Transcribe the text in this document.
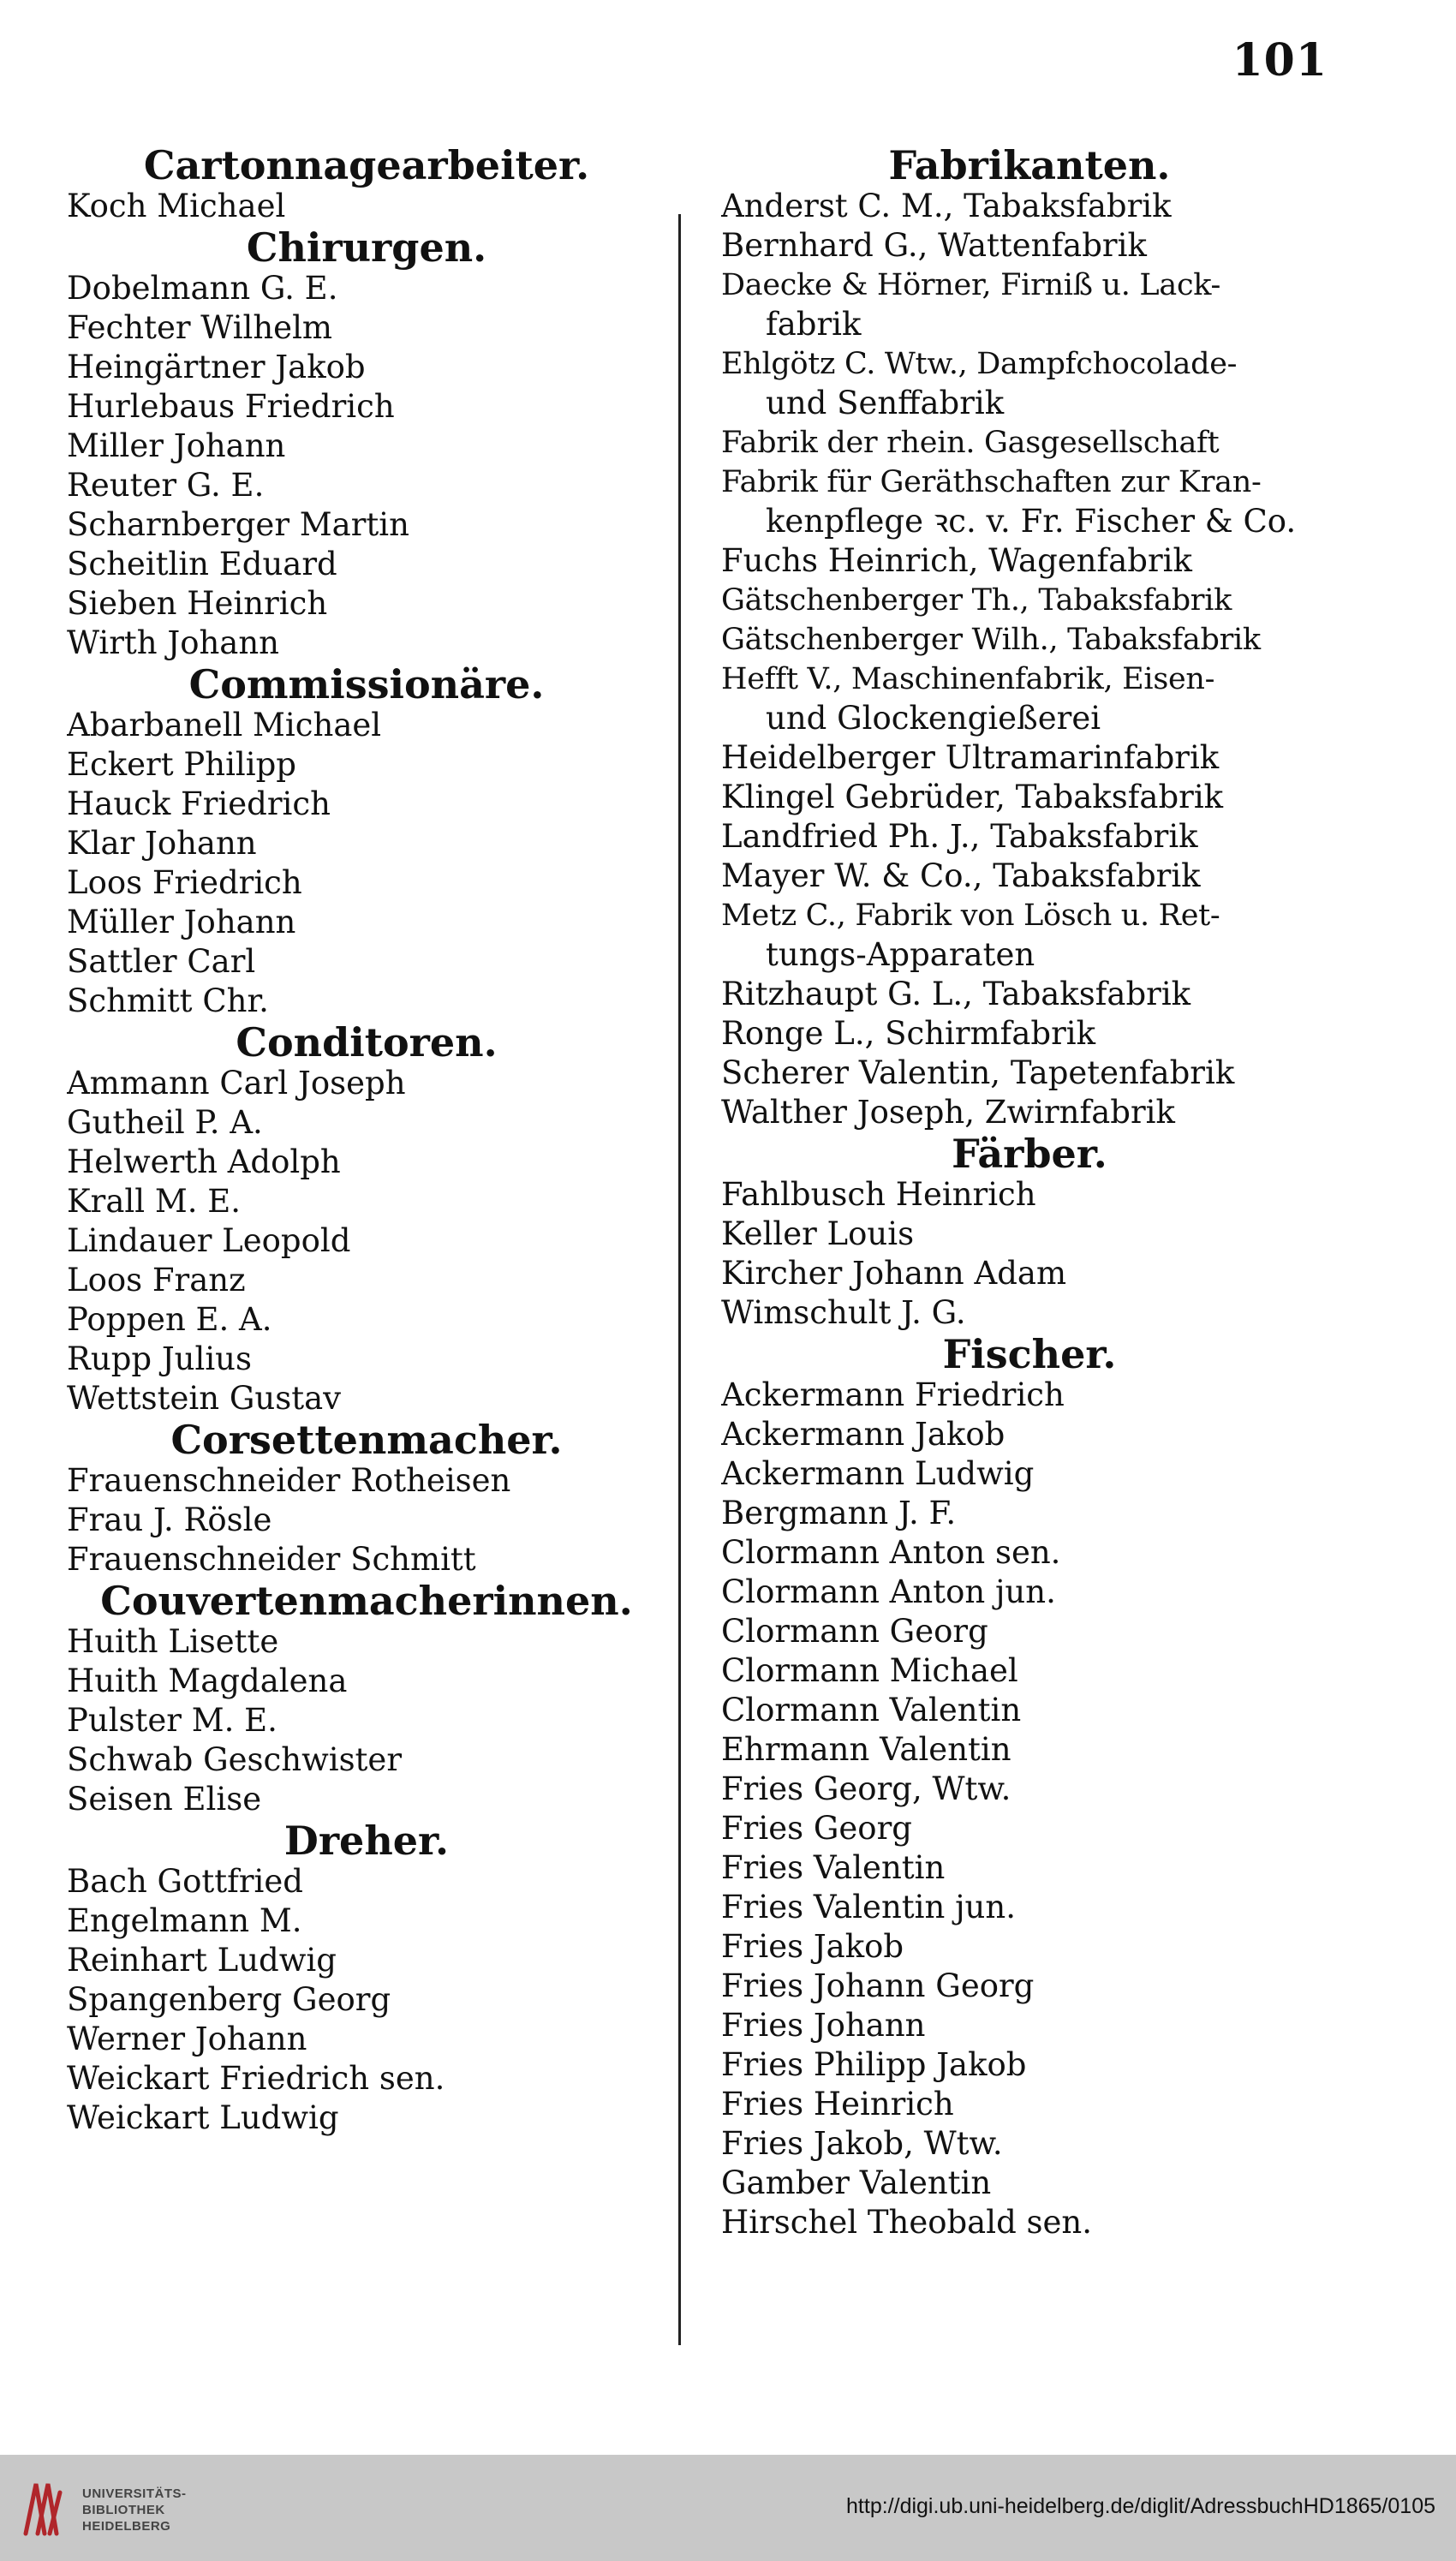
101
Cartonnagearbeiter.
Koch Michael
Chirurgen.
Dobelmann G. E.
Fechter Wilhelm
Heingärtner Jakob
Hurlebaus Friedrich
Miller Johann
Reuter G. E.
Scharnberger Martin
Scheitlin Eduard
Sieben Heinrich
Wirth Johann
Commissionäre.
Abarbanell Michael
Eckert Philipp
Hauck Friedrich
Klar Johann
Loos Friedrich
Müller Johann
Sattler Carl
Schmitt Chr.
Conditoren.
Ammann Carl Joseph
Gutheil P. A.
Helwerth Adolph
Krall M. E.
Lindauer Leopold
Loos Franz
Poppen E. A.
Rupp Julius
Wettstein Gustav
Corsettenmacher.
Frauenschneider Rotheisen
Frau J. Rösle
Frauenschneider Schmitt
Couvertenmacherinnen.
Huith Lisette
Huith Magdalena
Pulster M. E.
Schwab Geschwister
Seisen Elise
Dreher.
Bach Gottfried
Engelmann M.
Reinhart Ludwig
Spangenberg Georg
Werner Johann
Weickart Friedrich sen.
Weickart Ludwig
Fabrikanten.
Anderst C. M., Tabaksfabrik
Bernhard G., Wattenfabrik
Daecke & Hörner, Firniß u. Lack-
fabrik
Ehlgötz C. Wtw., Dampfchocolade-
und Senffabrik
Fabrik der rhein. Gasgesellschaft
Fabrik für Geräthschaften zur Kran-
kenpflege ꝛc. v. Fr. Fischer & Co.
Fuchs Heinrich, Wagenfabrik
Gätschenberger Th., Tabaksfabrik
Gätschenberger Wilh., Tabaksfabrik
Hefft V., Maschinenfabrik, Eisen-
und Glockengießerei
Heidelberger Ultramarinfabrik
Klingel Gebrüder, Tabaksfabrik
Landfried Ph. J., Tabaksfabrik
Mayer W. & Co., Tabaksfabrik
Metz C., Fabrik von Lösch u. Ret-
tungs-Apparaten
Ritzhaupt G. L., Tabaksfabrik
Ronge L., Schirmfabrik
Scherer Valentin, Tapetenfabrik
Walther Joseph, Zwirnfabrik
Färber.
Fahlbusch Heinrich
Keller Louis
Kircher Johann Adam
Wimschult J. G.
Fischer.
Ackermann Friedrich
Ackermann Jakob
Ackermann Ludwig
Bergmann J. F.
Clormann Anton sen.
Clormann Anton jun.
Clormann Georg
Clormann Michael
Clormann Valentin
Ehrmann Valentin
Fries Georg, Wtw.
Fries Georg
Fries Valentin
Fries Valentin jun.
Fries Jakob
Fries Johann Georg
Fries Johann
Fries Philipp Jakob
Fries Heinrich
Fries Jakob, Wtw.
Gamber Valentin
Hirschel Theobald sen.
UNIVERSITÄTS-
BIBLIOTHEK
HEIDELBERG
http://digi.ub.uni-heidelberg.de/diglit/AdressbuchHD1865/0105
